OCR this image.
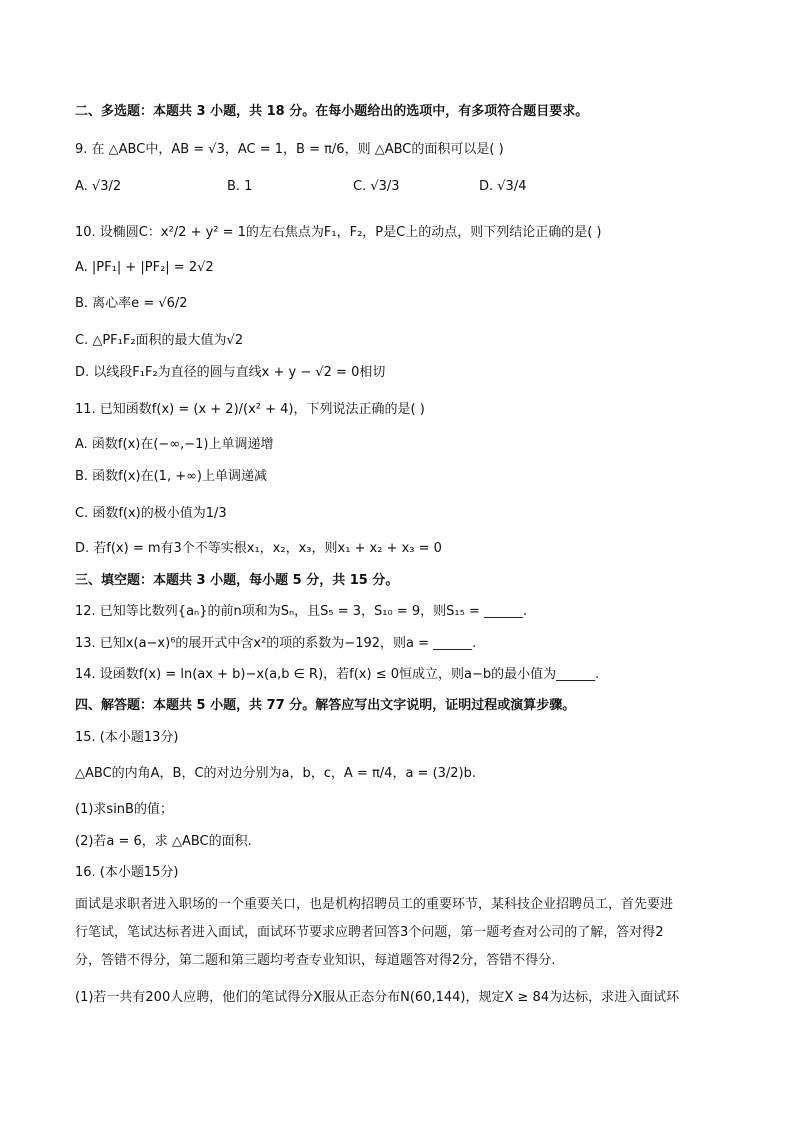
二、多选题：本题共 3 小题，共 18 分。在每小题给出的选项中，有多项符合题目要求。
9. 在 △ABC中，AB = √3，AC = 1，B = π/6，则 △ABC的面积可以是( )
A. √3/2	B. 1	C. √3/3	D. √3/4
10. 设椭圆C：x²/2 + y² = 1的左右焦点为F₁，F₂，P是C上的动点，则下列结论正确的是( )
A. |PF₁| + |PF₂| = 2√2
B. 离心率e = √6/2
C. △PF₁F₂面积的最大值为√2
D. 以线段F₁F₂为直径的圆与直线x + y − √2 = 0相切
11. 已知函数f(x) = (x + 2)/(x² + 4)，下列说法正确的是( )
A. 函数f(x)在(−∞,−1)上单调递增
B. 函数f(x)在(1, +∞)上单调递减
C. 函数f(x)的极小值为1/3
D. 若f(x) = m有3个不等实根x₁，x₂，x₃，则x₁ + x₂ + x₃ = 0
三、填空题：本题共 3 小题，每小题 5 分，共 15 分。
12. 已知等比数列{aₙ}的前n项和为Sₙ，且S₅ = 3，S₁₀ = 9，则S₁₅ = ______.
13. 已知x(a−x)⁶的展开式中含x²的项的系数为−192，则a = ______.
14. 设函数f(x) = ln(ax + b)−x(a,b ∈ R)，若f(x) ≤ 0恒成立，则a−b的最小值为______.
四、解答题：本题共 5 小题，共 77 分。解答应写出文字说明，证明过程或演算步骤。
15. (本小题13分)
△ABC的内角A，B，C的对边分别为a，b，c，A = π/4，a = (3/2)b.
(1)求sinB的值；
(2)若a = 6，求 △ABC的面积.
16. (本小题15分)
面试是求职者进入职场的一个重要关口，也是机构招聘员工的重要环节，某科技企业招聘员工，首先要进
行笔试，笔试达标者进入面试，面试环节要求应聘者回答3个问题，第一题考查对公司的了解，答对得2
分，答错不得分，第二题和第三题均考查专业知识，每道题答对得2分，答错不得分.
(1)若一共有200人应聘，他们的笔试得分X服从正态分布N(60,144)，规定X ≥ 84为达标，求进入面试环
